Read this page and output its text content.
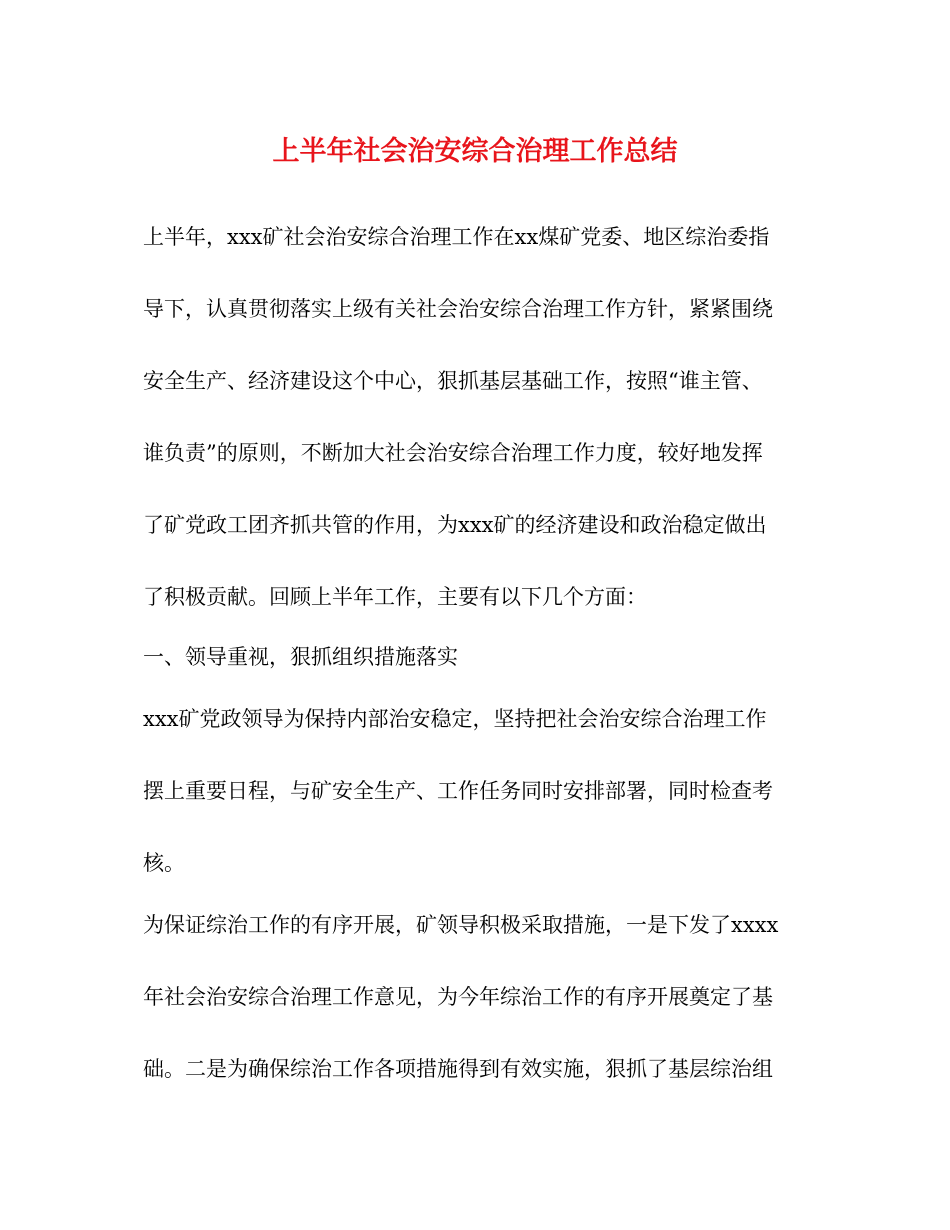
上半年社会治安综合治理工作总结
上半年，xxx矿社会治安综合治理工作在xx煤矿党委、地区综治委指
导下，认真贯彻落实上级有关社会治安综合治理工作方针，紧紧围绕
安全生产、经济建设这个中心，狠抓基层基础工作，按照“谁主管、
谁负责”的原则，不断加大社会治安综合治理工作力度，较好地发挥
了矿党政工团齐抓共管的作用，为xxx矿的经济建设和政治稳定做出
了积极贡献。回顾上半年工作，主要有以下几个方面：
一、领导重视，狠抓组织措施落实
xxx矿党政领导为保持内部治安稳定，坚持把社会治安综合治理工作
摆上重要日程，与矿安全生产、工作任务同时安排部署，同时检查考
核。
为保证综治工作的有序开展，矿领导积极采取措施，一是下发了xxxx
年社会治安综合治理工作意见，为今年综治工作的有序开展奠定了基
础。二是为确保综治工作各项措施得到有效实施，狠抓了基层综治组
